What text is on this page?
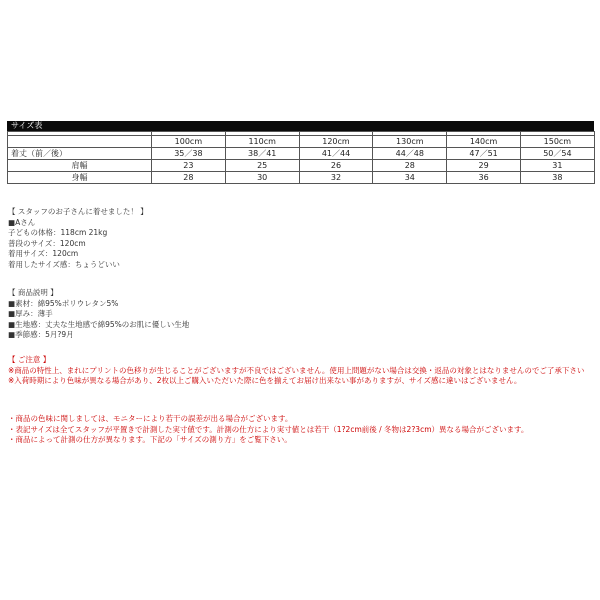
サイズ表

	100cm	110cm	120cm	130cm	140cm	150cm
着丈（前／後）	35／38	38／41	41／44	44／48	47／51	50／54
肩幅	23	25	26	28	29	31
身幅	28	30	32	34	36	38
【 スタッフのお子さんに着せました！ 】
■Aさん
子どもの体格：118cm 21kg
普段のサイズ：120cm
着用サイズ：120cm
着用したサイズ感：ちょうどいい
【 商品説明 】
■素材：綿95%ポリウレタン5%
■厚み：薄手
■生地感：丈夫な生地感で綿95%のお肌に優しい生地
■季節感：5月?9月
【 ご注意 】
※商品の特性上、まれにプリントの色移りが生じることがございますが不良ではございません。使用上問題がない場合は交換・返品の対象とはなりませんのでご了承下さい
※入荷時期により色味が異なる場合があり、2枚以上ご購入いただいた際に色を揃えてお届け出来ない事がありますが、サイズ感に違いはございません。
・商品の色味に関しましては、モニターにより若干の誤差が出る場合がございます。
・表記サイズは全てスタッフが平置きで計測した実寸値です。計測の仕方により実寸値とは若干（1?2cm前後 / 冬物は2?3cm）異なる場合がございます。
・商品によって計測の仕方が異なります。下記の「サイズの測り方」をご覧下さい。
